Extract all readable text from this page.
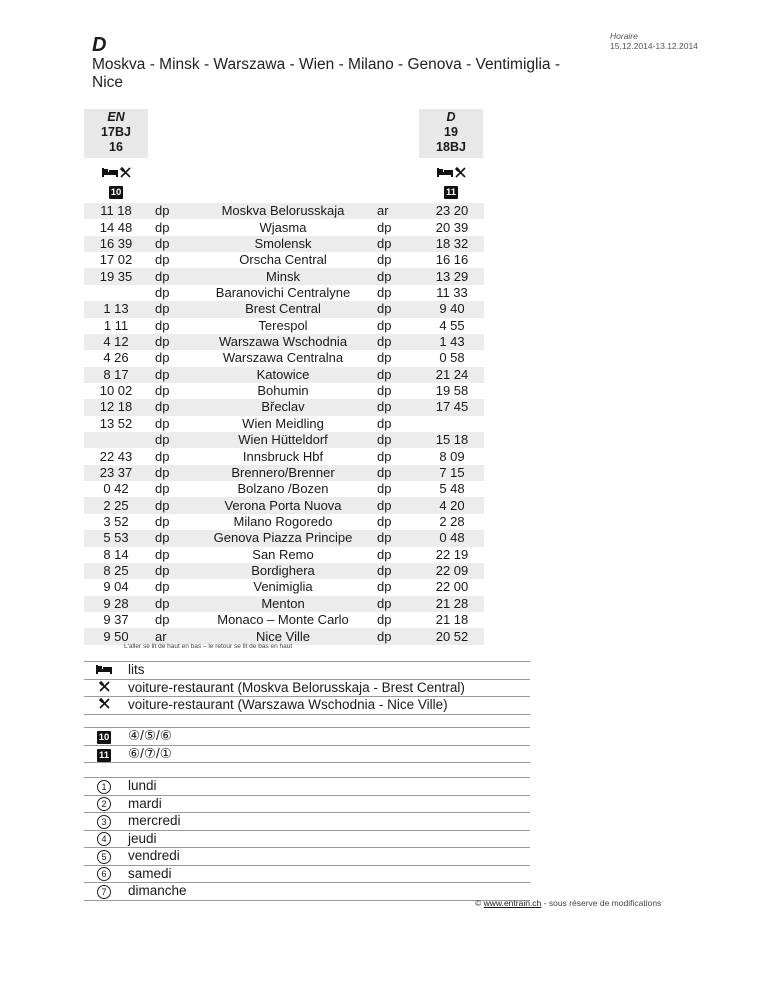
D
Moskva - Minsk - Warszawa - Wien - Milano - Genova - Ventimiglia - Nice
Horaire
15.12.2014-13.12.2014
EN
17BJ
16
D
19
18BJ
10	11
11 18	dp	Moskva Belorusskaja	ar	23 20
14 48	dp	Wjasma	dp	20 39
16 39	dp	Smolensk	dp	18 32
17 02	dp	Orscha Central	dp	16 16
19 35	dp	Minsk	dp	13 29
	dp	Baranovichi Centralyne	dp	11 33
1 13	dp	Brest Central	dp	9 40
1 11	dp	Terespol	dp	4 55
4 12	dp	Warszawa Wschodnia	dp	1 43
4 26	dp	Warszawa Centralna	dp	0 58
8 17	dp	Katowice	dp	21 24
10 02	dp	Bohumin	dp	19 58
12 18	dp	Břeclav	dp	17 45
13 52	dp	Wien Meidling	dp	
	dp	Wien Hütteldorf	dp	15 18
22 43	dp	Innsbruck Hbf	dp	8 09
23 37	dp	Brennero/Brenner	dp	7 15
0 42	dp	Bolzano /Bozen	dp	5 48
2 25	dp	Verona Porta Nuova	dp	4 20
3 52	dp	Milano Rogoredo	dp	2 28
5 53	dp	Genova Piazza Principe	dp	0 48
8 14	dp	San Remo	dp	22 19
8 25	dp	Bordighera	dp	22 09
9 04	dp	Venimiglia	dp	22 00
9 28	dp	Menton	dp	21 28
9 37	dp	Monaco – Monte Carlo	dp	21 18
9 50	ar	Nice Ville	dp	20 52
L'aller se lit de haut en bas – le retour se lit de bas en haut
	lits
	voiture-restaurant (Moskva Belorusskaja - Brest Central)
	voiture-restaurant (Warszawa Wschodnia - Nice Ville)
10	④/⑤/⑥
11	⑥/⑦/①
1	lundi
2	mardi
3	mercredi
4	jeudi
5	vendredi
6	samedi
7	dimanche
© www.entrain.ch - sous réserve de modifications
